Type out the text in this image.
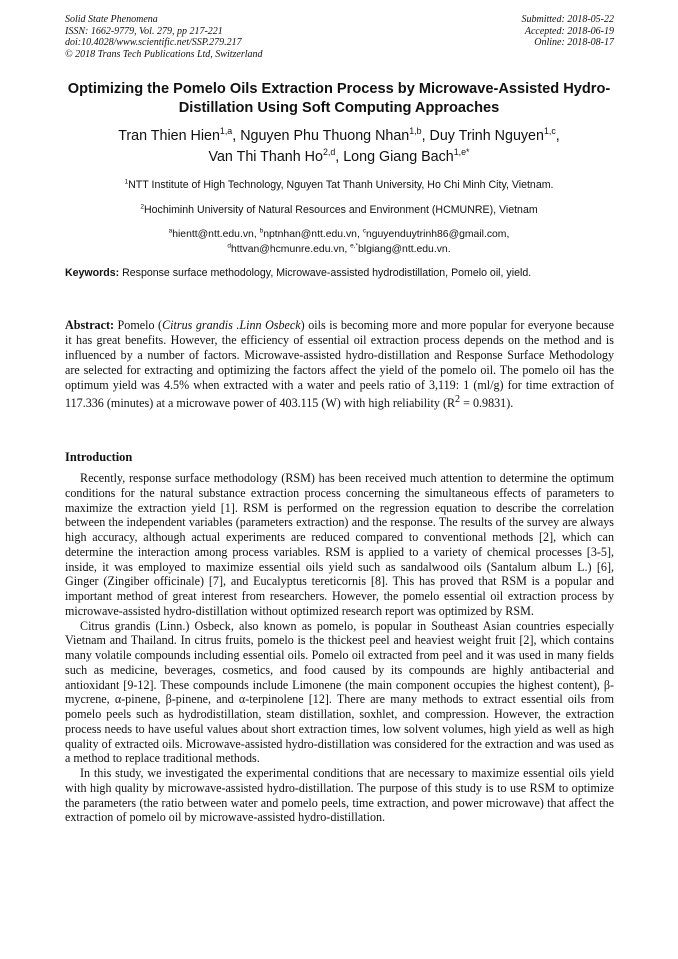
Solid State Phenomena
ISSN: 1662-9779, Vol. 279, pp 217-221
doi:10.4028/www.scientific.net/SSP.279.217
© 2018 Trans Tech Publications Ltd, Switzerland
Submitted: 2018-05-22
Accepted: 2018-06-19
Online: 2018-08-17
Optimizing the Pomelo Oils Extraction Process by Microwave-Assisted Hydro-Distillation Using Soft Computing Approaches
Tran Thien Hien$^{1,a}$, Nguyen Phu Thuong Nhan$^{1,b}$, Duy Trinh Nguyen$^{1,c}$,
Van Thi Thanh Ho$^{2,d}$, Long Giang Bach$^{1,e*}$
$^1$NTT Institute of High Technology, Nguyen Tat Thanh University, Ho Chi Minh City, Vietnam.
$^2$Hochiminh University of Natural Resources and Environment (HCMUNRE), Vietnam
$^a$hientt@ntt.edu.vn, $^b$nptnhan@ntt.edu.vn, $^c$nguyenduytrinh86@gmail.com,
$^d$httvan@hcmunre.edu.vn, $^{e,*}$blgiang@ntt.edu.vn.
Keywords: Response surface methodology, Microwave-assisted hydrodistillation, Pomelo oil, yield.
Abstract: Pomelo (Citrus grandis .Linn Osbeck) oils is becoming more and more popular for everyone because it has great benefits. However, the efficiency of essential oil extraction process depends on the method and is influenced by a number of factors. Microwave-assisted hydro-distillation and Response Surface Methodology are selected for extracting and optimizing the factors affect the yield of the pomelo oil. The pomelo oil has the optimum yield was 4.5% when extracted with a water and peels ratio of 3,119: 1 (ml/g) for time extraction of 117.336 (minutes) at a microwave power of 403.115 (W) with high reliability $(R^2 = 0.9831)$.
Introduction

Recently, response surface methodology (RSM) has been received much attention to determine the optimum conditions for the natural substance extraction process concerning the simultaneous effects of parameters to maximize the extraction yield [1]. RSM is performed on the regression equation to describe the correlation between the independent variables (parameters extraction) and the response. The results of the survey are always high accuracy, although actual experiments are reduced compared to conventional methods [2], which can determine the interaction among process variables. RSM is applied to a variety of chemical processes [3-5], inside, it was employed to maximize essential oils yield such as sandalwood oils (Santalum album L.) [6], Ginger (Zingiber officinale) [7], and Eucalyptus tereticornis [8]. This has proved that RSM is a popular and important method of great interest from researchers. However, the pomelo essential oil extraction process by microwave-assisted hydro-distillation without optimized research report was optimized by RSM.

Citrus grandis (Linn.) Osbeck, also known as pomelo, is popular in Southeast Asian countries especially Vietnam and Thailand. In citrus fruits, pomelo is the thickest peel and heaviest weight fruit [2], which contains many volatile compounds including essential oils. Pomelo oil extracted from peel and it was used in many fields such as medicine, beverages, cosmetics, and food caused by its compounds are highly antibacterial and antioxidant [9-12]. These compounds include Limonene (the main component occupies the highest content), β-mycrene, α-pinene, β-pinene, and α-terpinolene [12]. There are many methods to extract essential oils from pomelo peels such as hydrodistillation, steam distillation, soxhlet, and compression. However, the extraction process needs to have useful values about short extraction times, low solvent volumes, high yield as well as high quality of extracted oils. Microwave-assisted hydro-distillation was considered for the extraction and was used as a method to replace traditional methods.

In this study, we investigated the experimental conditions that are necessary to maximize essential oils yield with high quality by microwave-assisted hydro-distillation. The purpose of this study is to use RSM to optimize the parameters (the ratio between water and pomelo peels, time extraction, and power microwave) that affect the extraction of pomelo oil by microwave-assisted hydro-distillation.
